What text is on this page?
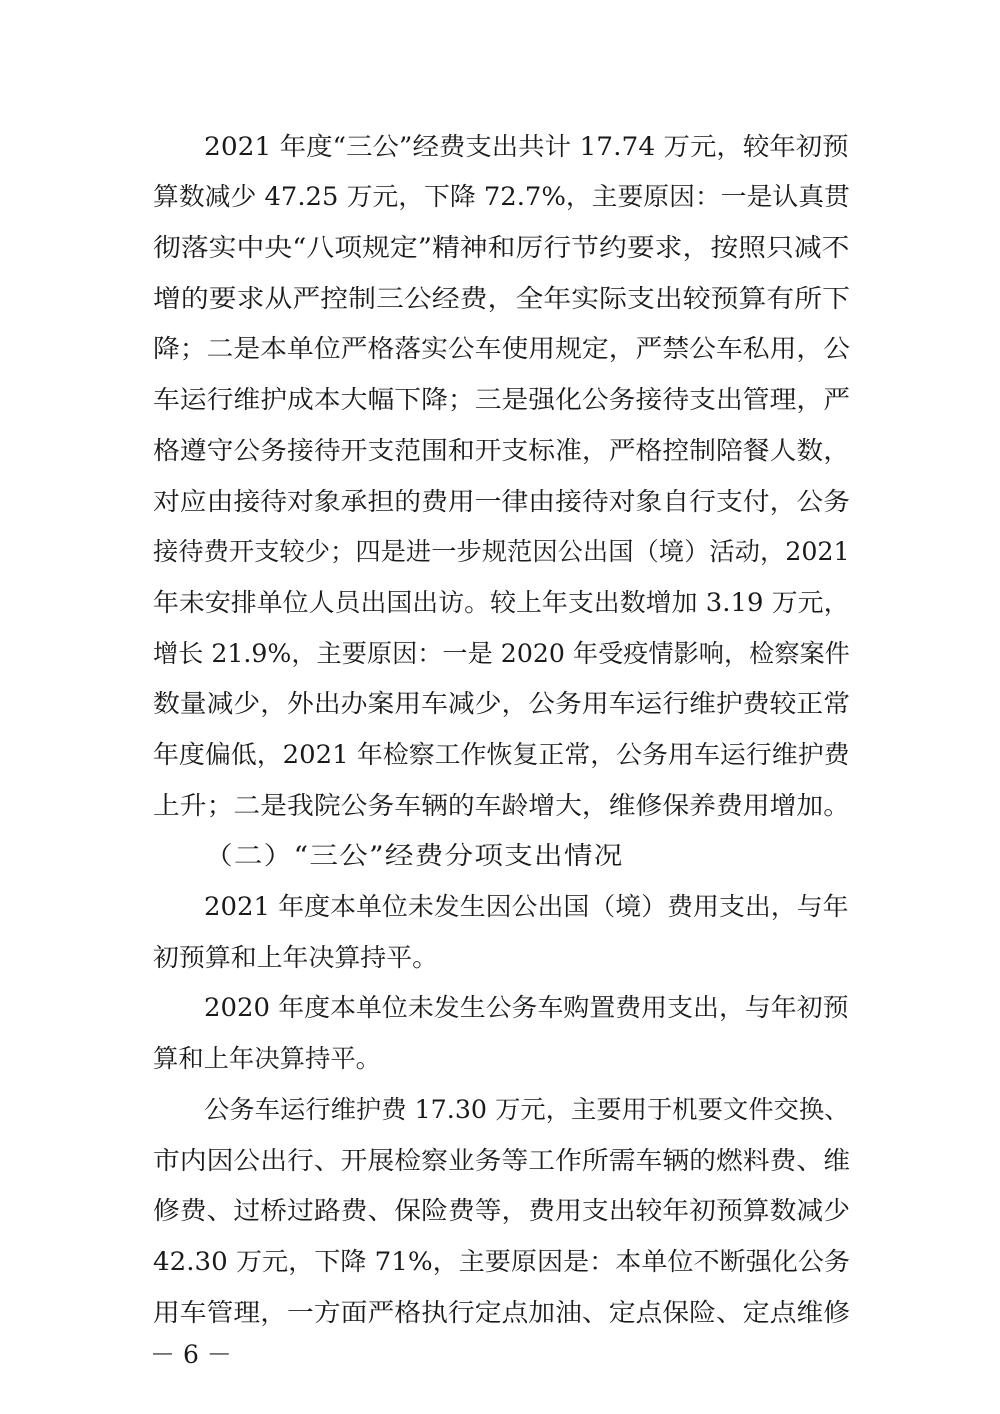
2021 年度“三公”经费支出共计 17.74 万元，较年初预
算数减少 47.25 万元，下降 72.7%，主要原因：一是认真贯
彻落实中央“八项规定”精神和厉行节约要求，按照只减不
增的要求从严控制三公经费，全年实际支出较预算有所下
降；二是本单位严格落实公车使用规定，严禁公车私用，公
车运行维护成本大幅下降；三是强化公务接待支出管理，严
格遵守公务接待开支范围和开支标准，严格控制陪餐人数，
对应由接待对象承担的费用一律由接待对象自行支付，公务
接待费开支较少；四是进一步规范因公出国（境）活动，2021
年未安排单位人员出国出访。较上年支出数增加 3.19 万元，
增长 21.9%，主要原因：一是 2020 年受疫情影响，检察案件
数量减少，外出办案用车减少，公务用车运行维护费较正常
年度偏低，2021 年检察工作恢复正常，公务用车运行维护费
上升；二是我院公务车辆的车龄增大，维修保养费用增加。
（二）“三公”经费分项支出情况
2021 年度本单位未发生因公出国（境）费用支出，与年
初预算和上年决算持平。
2020 年度本单位未发生公务车购置费用支出，与年初预
算和上年决算持平。
公务车运行维护费 17.30 万元，主要用于机要文件交换、
市内因公出行、开展检察业务等工作所需车辆的燃料费、维
修费、过桥过路费、保险费等，费用支出较年初预算数减少
42.30 万元，下降 71%，主要原因是：本单位不断强化公务
用车管理，一方面严格执行定点加油、定点保险、定点维修
－ 6 －
